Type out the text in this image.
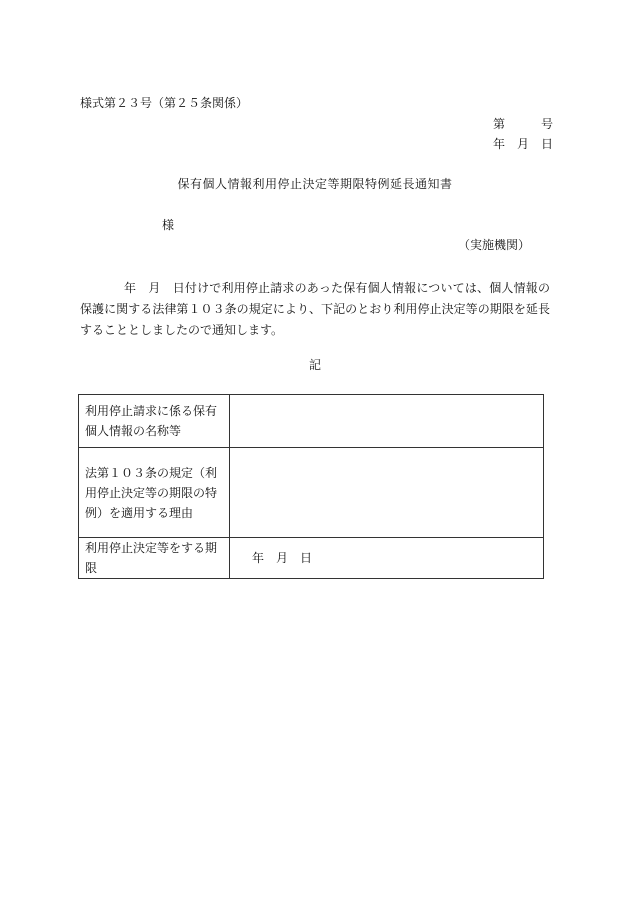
様式第２３号（第２５条関係）
第　　　号
年　月　日
保有個人情報利用停止決定等期限特例延長通知書
様
（実施機関）
年　月　日付けで利用停止請求のあった保有個人情報については、個人情報の保護に関する法律第１０３条の規定により、下記のとおり利用停止決定等の期限を延長することとしましたので通知します。
記
利用停止請求に係る保有個人情報の名称等	
法第１０３条の規定（利用停止決定等の期限の特例）を適用する理由	
利用停止決定等をする期限	年　月　日
